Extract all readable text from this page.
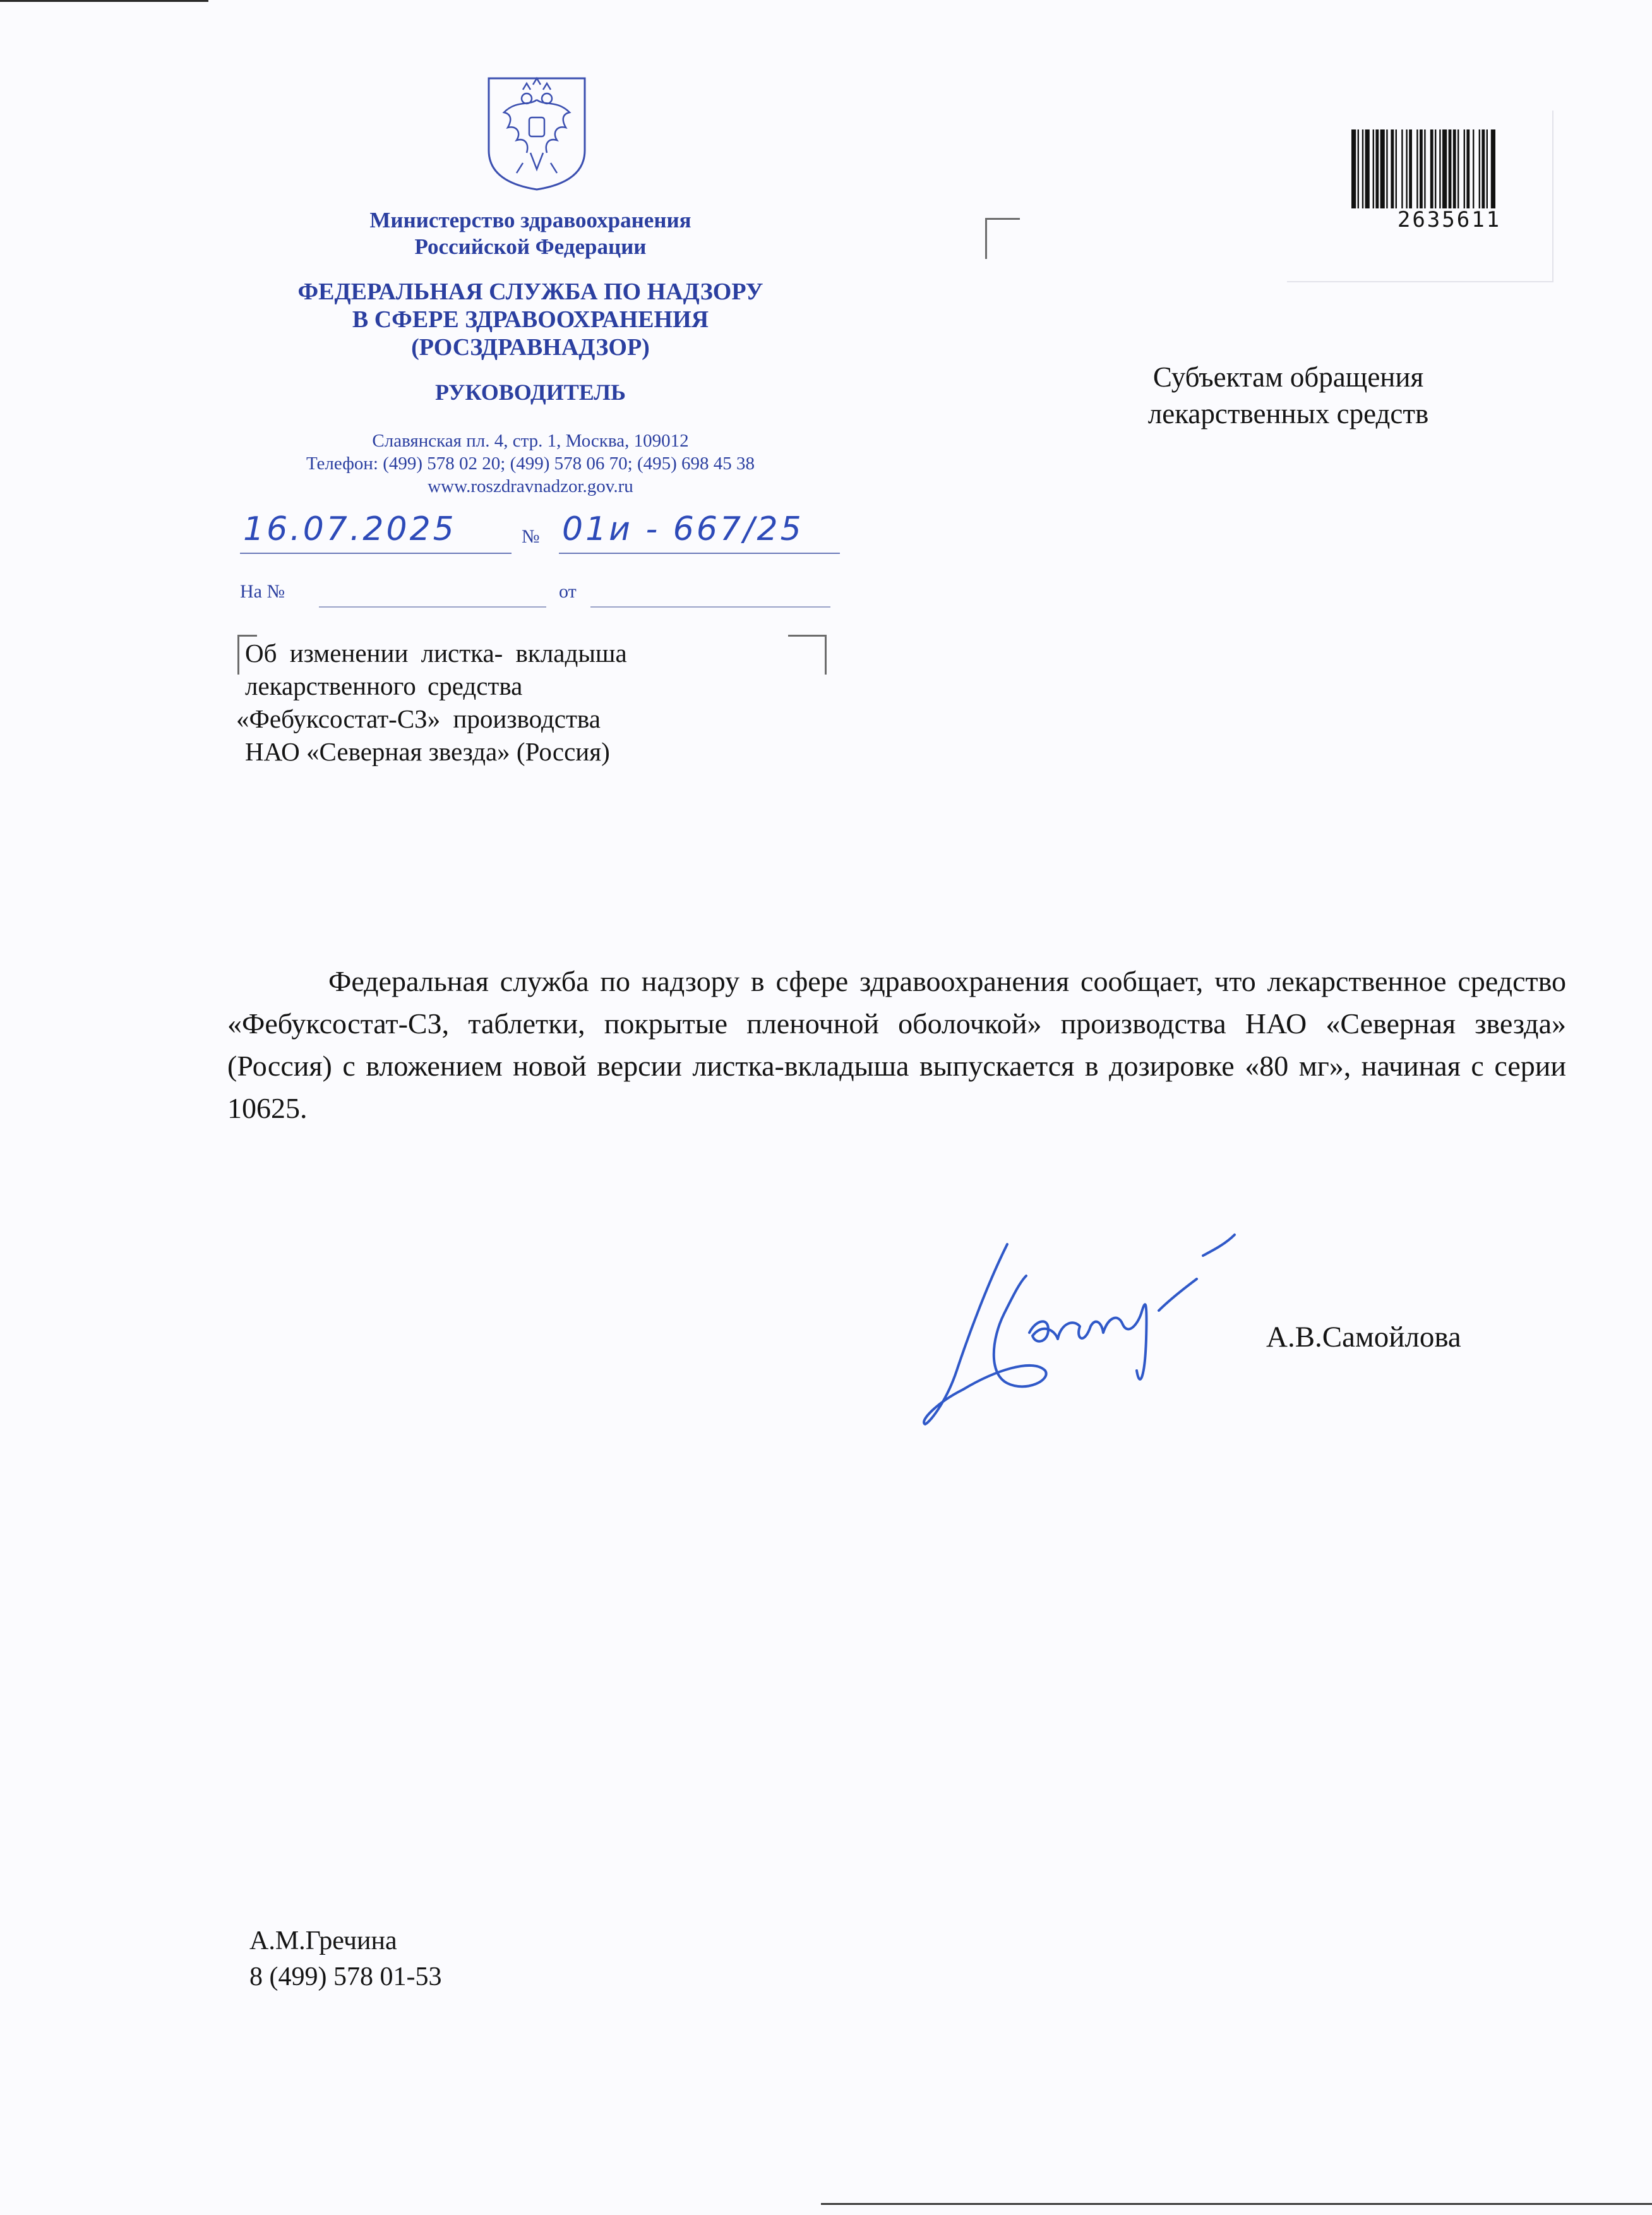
Министерство здравоохранения
Российской Федерации
ФЕДЕРАЛЬНАЯ СЛУЖБА ПО НАДЗОРУ
В СФЕРЕ ЗДРАВООХРАНЕНИЯ
(РОСЗДРАВНАДЗОР)
РУКОВОДИТЕЛЬ
Славянская пл. 4, стр. 1, Москва, 109012
Телефон: (499) 578 02 20; (499) 578 06 70; (495) 698 45 38
www.roszdravnadzor.gov.ru
16.07.2025	№ 01и - 667/25
На №	от
Об изменении листка- вкладыша
лекарственного средства
«Фебуксостат-СЗ» производства
НАО «Северная звезда» (Россия)
Субъектам обращения
лекарственных средств
2635611

Федеральная служба по надзору в сфере здравоохранения сообщает, что лекарственное средство «Фебуксостат-СЗ, таблетки, покрытые пленочной оболочкой» производства НАО «Северная звезда» (Россия) с вложением новой версии листка-вкладыша выпускается в дозировке «80 мг», начиная с серии 10625.

А.В.Самойлова
А.М.Гречина
8 (499) 578 01-53
